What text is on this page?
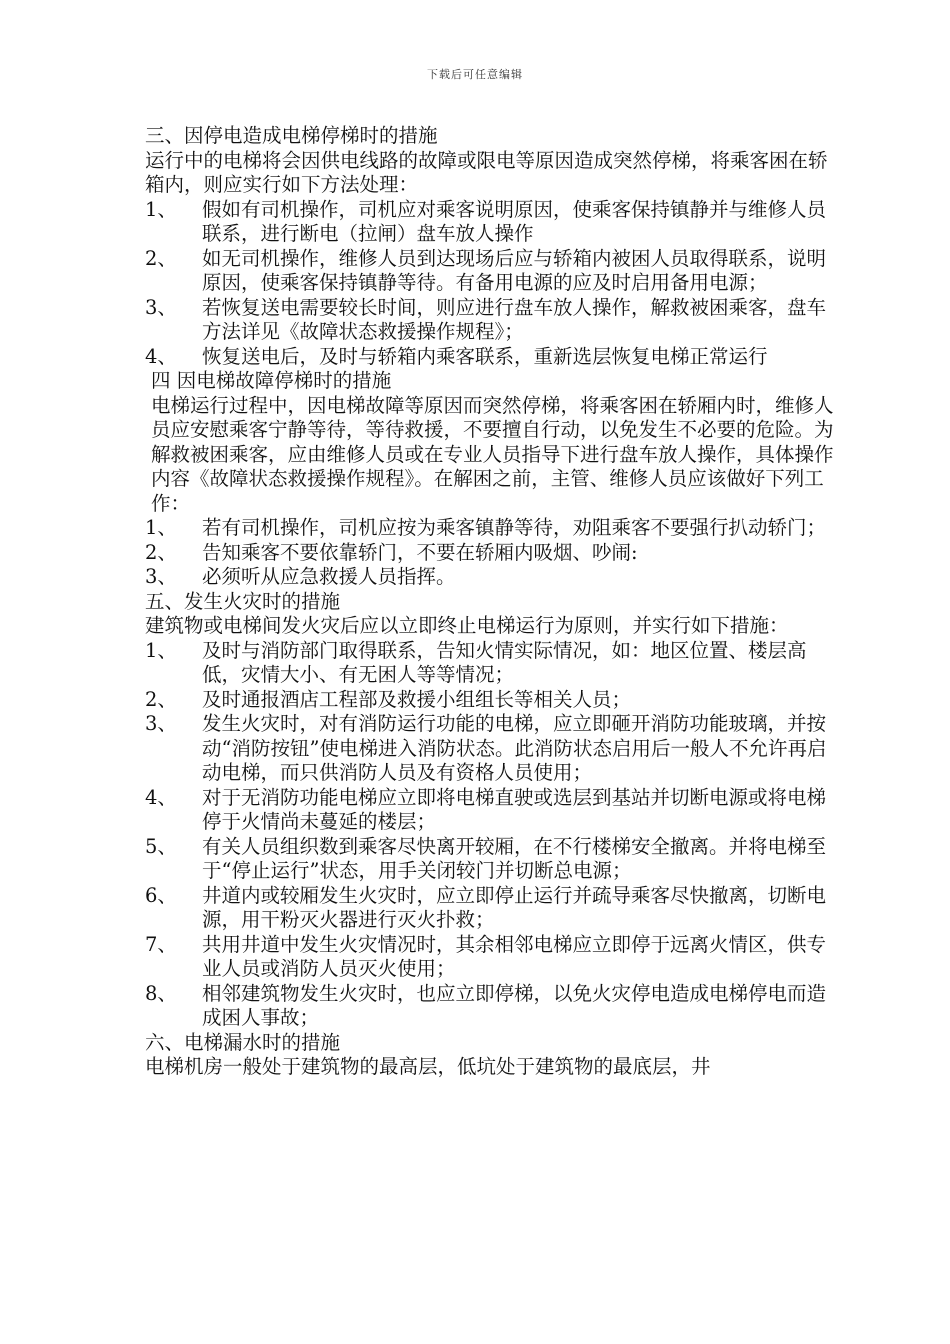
下载后可任意编辑

三、因停电造成电梯停梯时的措施

运行中的电梯将会因供电线路的故障或限电等原因造成突然停梯，将乘客困在轿箱内，则应实行如下方法处理：

1、	假如有司机操作，司机应对乘客说明原因，使乘客保持镇静并与维修人员联系，进行断电（拉闸）盘车放人操作
2、	如无司机操作，维修人员到达现场后应与轿箱内被困人员取得联系，说明原因，使乘客保持镇静等待。有备用电源的应及时启用备用电源；
3、	若恢复送电需要较长时间，则应进行盘车放人操作，解救被困乘客，盘车方法详见《故障状态救援操作规程》；
4、	恢复送电后，及时与轿箱内乘客联系，重新选层恢复电梯正常运行

四 因电梯故障停梯时的措施

电梯运行过程中，因电梯故障等原因而突然停梯，将乘客困在轿厢内时，维修人员应安慰乘客宁静等待，等待救援，不要擅自行动，以免发生不必要的危险。为解救被困乘客，应由维修人员或在专业人员指导下进行盘车放人操作，具体操作内容《故障状态救援操作规程》。在解困之前，主管、维修人员应该做好下列工作：

1、	若有司机操作，司机应按为乘客镇静等待，劝阻乘客不要强行扒动轿门；
2、	告知乘客不要依靠轿门，不要在轿厢内吸烟、吵闹:
3、	必须听从应急救援人员指挥。

五、发生火灾时的措施

建筑物或电梯间发火灾后应以立即终止电梯运行为原则，并实行如下措施：

1、	及时与消防部门取得联系，告知火情实际情况，如：地区位置、楼层高低，灾情大小、有无困人等等情况；
2、	及时通报酒店工程部及救援小组组长等相关人员；
3、	发生火灾时，对有消防运行功能的电梯，应立即砸开消防功能玻璃，并按动“消防按钮”使电梯进入消防状态。此消防状态启用后一般人不允许再启动电梯，而只供消防人员及有资格人员使用；
4、	对于无消防功能电梯应立即将电梯直驶或选层到基站并切断电源或将电梯停于火情尚未蔓延的楼层；
5、	有关人员组织数到乘客尽快离开较厢，在不行楼梯安全撤离。并将电梯至于“停止运行”状态，用手关闭较门并切断总电源；
6、	井道内或较厢发生火灾时，应立即停止运行并疏导乘客尽快撤离，切断电源，用干粉灭火器进行灭火扑救；
7、	共用井道中发生火灾情况时，其余相邻电梯应立即停于远离火情区，供专业人员或消防人员灭火使用；
8、	相邻建筑物发生火灾时，也应立即停梯，以免火灾停电造成电梯停电而造成困人事故；

六、电梯漏水时的措施

电梯机房一般处于建筑物的最高层，低坑处于建筑物的最底层，井
